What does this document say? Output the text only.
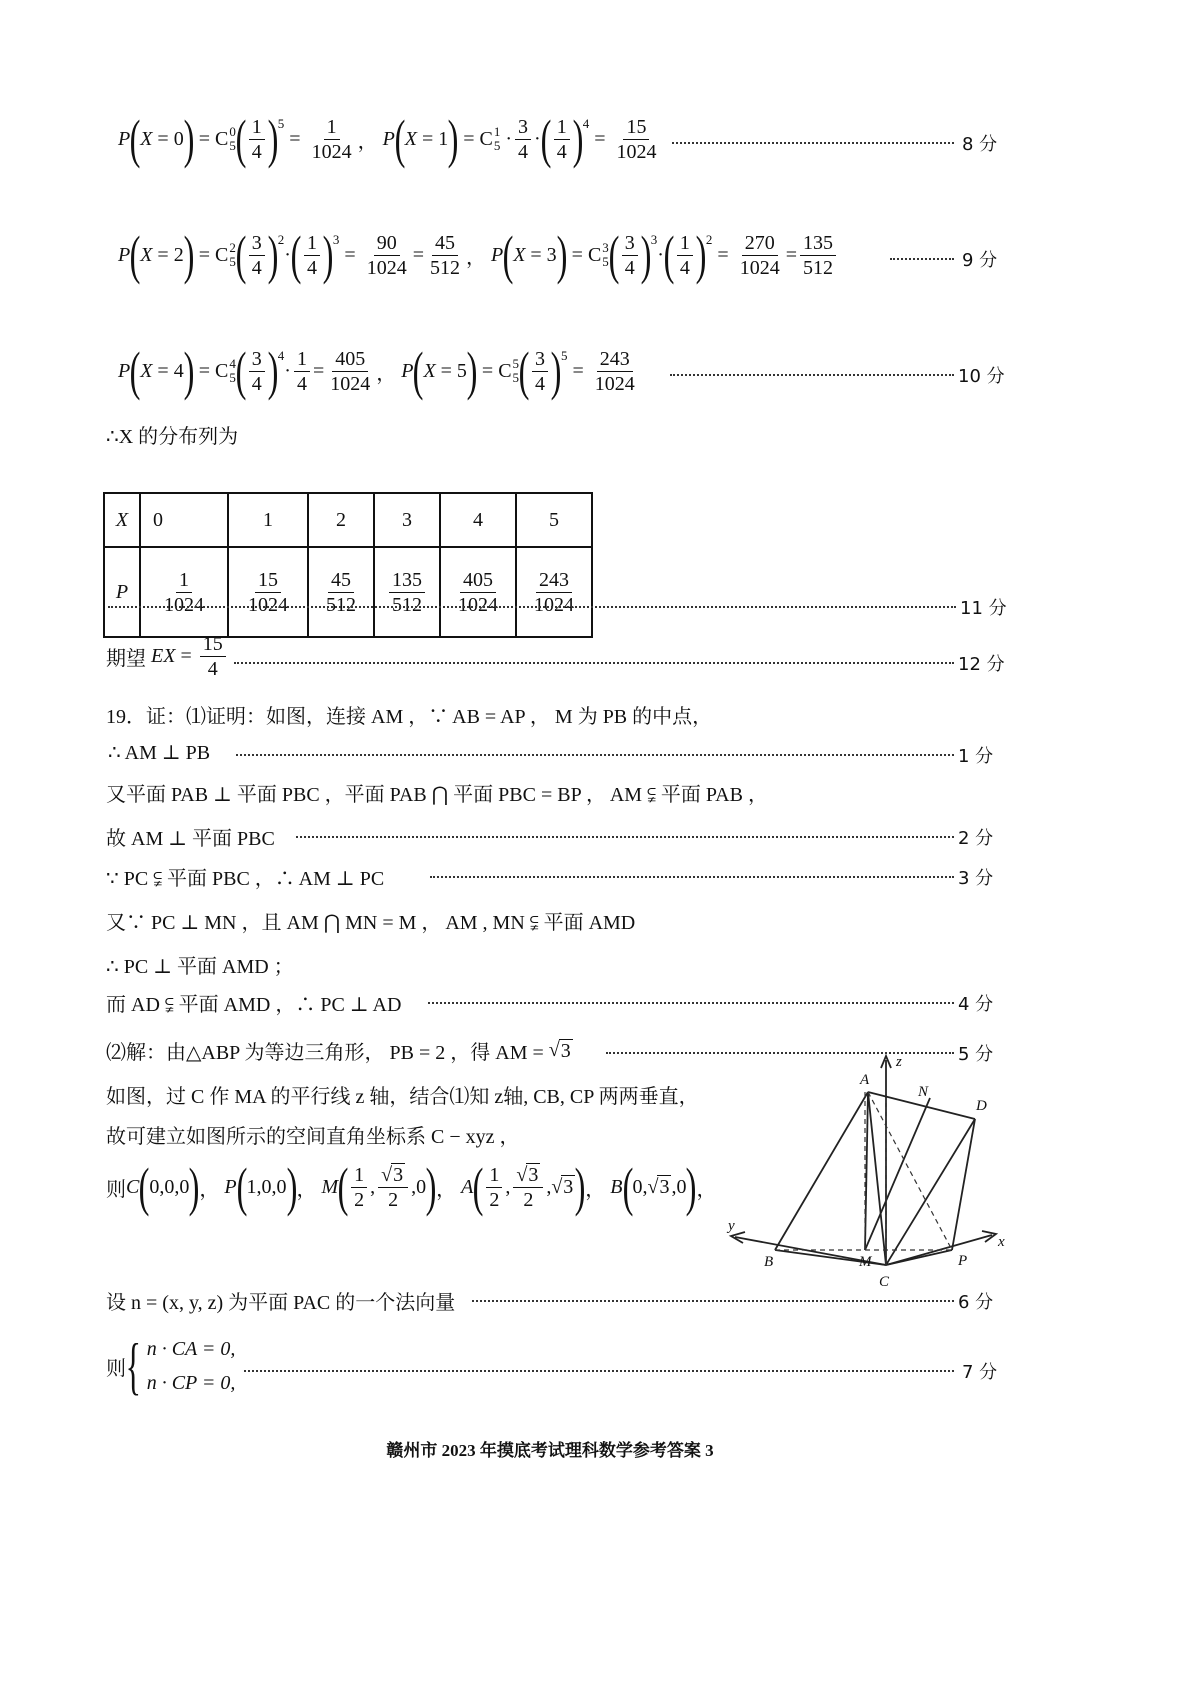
P ( X = 0 ) = C 0
5 ( $\frac{1}{4} )^5$
= $\frac{1}{1024}$ ， P ( X = 1 ) = C 1
$5 \cdot \frac{3}{4}$ · ( $\frac{1}{4} )^4$
= $\frac{15}{1024}$	8 分
P ( X = 2 ) = C 2
5 ( $\frac{3}{4} )^2$
· ( $\frac{1}{4} )^3$
= $\frac{90}{1024} = \frac{45}{512}$ ， P ( X = 3 ) = C 3
5 ( $\frac{3}{4} )^3$
· ( $\frac{1}{4} )^2$
= $\frac{270}{1024} = \frac{135}{512}$	9 分
P ( X = 4 ) = C 4
5 ( $\frac{3}{4} )^4$
· $\frac{1}{4} = \frac{405}{1024}$ ， P ( X = 5 ) = C 5
5 ( $\frac{3}{4} )^5$
= $\frac{243}{1024}$	10 分
∴X 的分布列为
X	0	1	2	3	4	5
P	$\frac{1}{1024}$	$\frac{15}{1024}$	$\frac{45}{512}$	$\frac{135}{512}$	$\frac{405}{1024}$	$\frac{243}{1024}$	11 分
期望
EX = $\frac{15}{4}$	12 分
19．证：⑴证明：如图，连接 AM ，∵ AB = AP ， M 为 PB 的中点，
∴ AM ⊥ PB	1 分
又平面 PAB ⊥ 平面 PBC ，平面 PAB ⋂ 平面 PBC = BP ， AM ⫋ 平面 PAB ，
故 AM ⊥ 平面 PBC	2 分
∵ PC ⫋ 平面 PBC ，∴ AM ⊥ PC	3 分
又∵ PC ⊥ MN ，且 AM ⋂ MN = M ， AM , MN ⫋ 平面 AMD
∴ PC ⊥ 平面 AMD ；
而 AD ⫋ 平面 AMD ，∴ PC ⊥ AD	4 分
⑵解：由△ABP 为等边三角形， PB = 2 ，得 AM =
√ 3	5 分
如图，过 C 作 MA 的平行线 z 轴，结合⑴知 z轴, CB, CP 两两垂直，
故可建立如图所示的空间直角坐标系 C − xyz ，
则 C ( 0,0,0 ) ， P ( 1,0,0 ) ， M ( $\frac{1}{2}$ , $\frac{√3}{2} ,0$ ) ， A ( $\frac{1}{2}$ , $\frac{√3}{2}$ ,√ 3 ) ， B ( 0,√ 3 ,0 ) ，
A
N
D
z
y
x
B	M
C
P
设 n = (x, y, z) 为平面 PAC 的一个法向量	6 分
则 { n · CA = 0,
n · CP = 0,	7 分
赣州市 2023 年摸底考试理科数学参考答案 3
